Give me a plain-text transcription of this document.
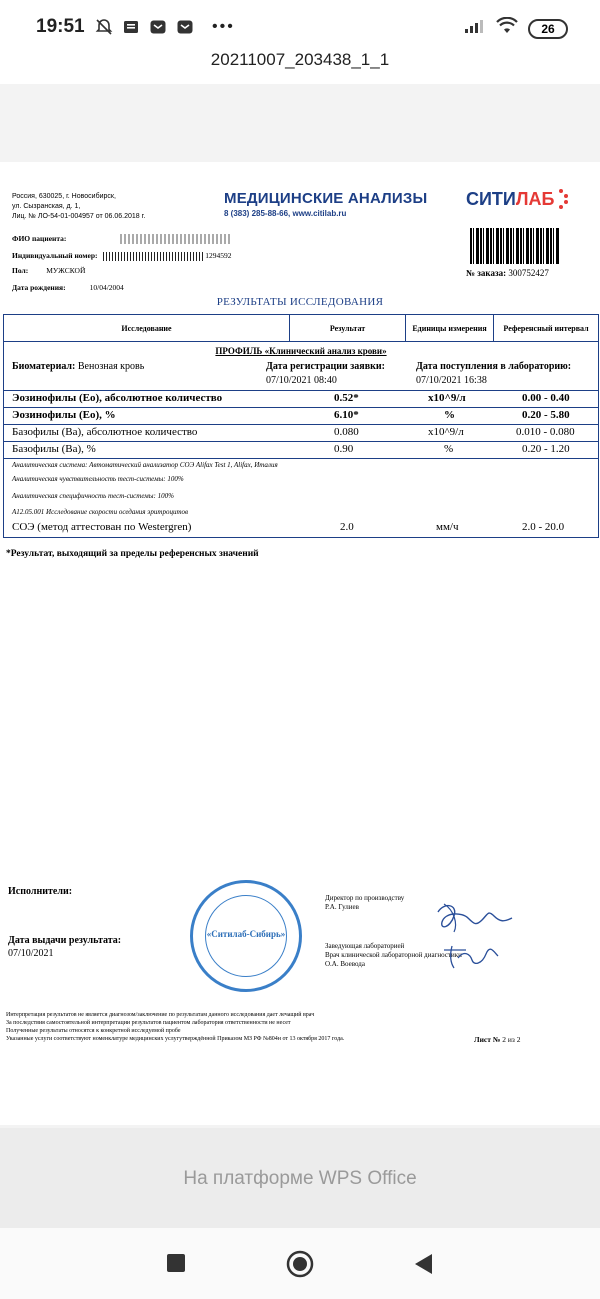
19:51	•••	26
20211007_203438_1_1
Россия, 630025, г. Новосибирск,
ул. Сызранская, д. 1,
Лиц. № ЛО-54-01-004957 от 06.06.2018 г.
МЕДИЦИНСКИЕ АНАЛИЗЫ
8 (383) 285-88-66, www.citilab.ru
СИТИ ЛАБ
ФИО пациента:
Индивидуальный номер:	1294592
Пол: МУЖСКОЙ
Дата рождения:	10/04/2004
№ заказа: 300752427
РЕЗУЛЬТАТЫ ИССЛЕДОВАНИЯ
Исследование	Результат	Единицы измерения	Референсный интервал
ПРОФИЛЬ «Клинический анализ крови»
Биоматериал: Венозная кровь	Дата регистрации заявки:
07/10/2021 08:40
Дата поступления в лабораторию:
07/10/2021 16:38
Эозинофилы (Eo), абсолютное количество	0.52*	x10^9/л	0.00 - 0.40
Эозинофилы (Eo), %	6.10*	%	0.20 - 5.80
Базофилы (Ba), абсолютное количество	0.080	x10^9/л	0.010 - 0.080
Базофилы (Ba), %	0.90	%	0.20 - 1.20
Аналитическая система: Автоматический анализатор СОЭ Alifax Test 1, Alifax, Италия
Аналитическая чувствительность тест-системы: 100%
Аналитическая специфичность тест-системы: 100%
А12.05.001 Исследование скорости оседания эритроцитов
СОЭ (метод аттестован по Westergren)	2.0	мм/ч	2.0 - 20.0
*Результат, выходящий за пределы референсных значений
Исполнители:
Дата выдачи результата:
07/10/2021
«Ситилаб-Сибирь»
Директор по производству
Р.А. Гулиев
Заведующая лабораторией
Врач клинической лабораторной диагностики
О.А. Воевода
Интерпретация результатов не является диагнозом/заключение по результатам данного исследования дает лечащий врач
За последствия самостоятельной интерпретации результатов пациентом лаборатория ответственности не несет
Полученные результаты относятся к конкретной исследуемой пробе
Указанные услуги соответствуют номенклатуре медицинских услугутверждённой Приказом МЗ РФ №804н от 13 октября 2017 года.	Лист № 2 из 2
На платформе WPS Office
